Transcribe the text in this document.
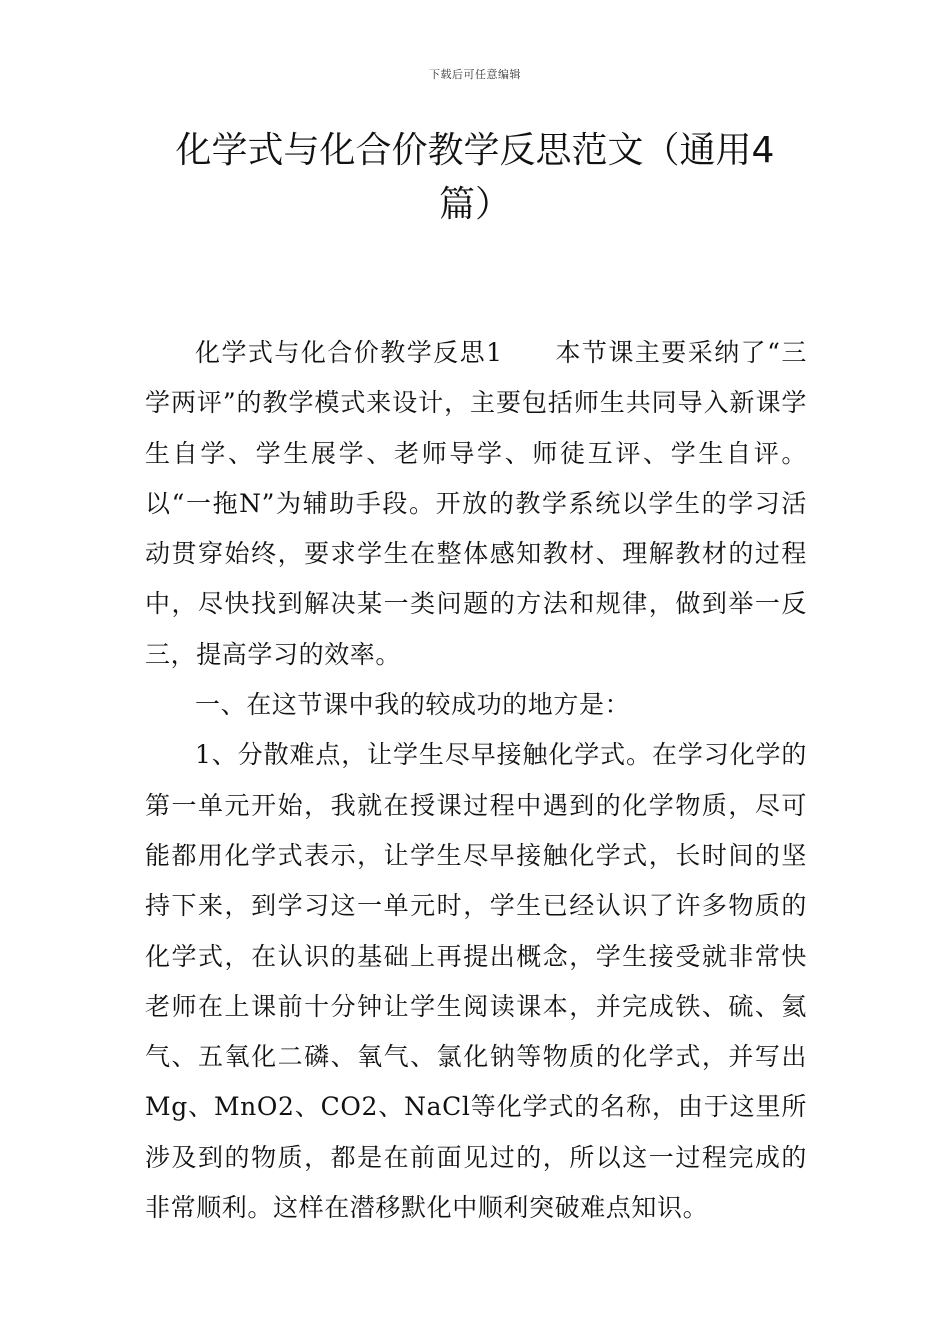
下载后可任意编辑
化学式与化合价教学反思范文（通用4篇）

化学式与化合价教学反思1 本节课主要采纳了“三学两评”的教学模式来设计，主要包括师生共同导入新课学生自学、学生展学、老师导学、师徒互评、学生自评。以“一拖N”为辅助手段。开放的教学系统以学生的学习活动贯穿始终，要求学生在整体感知教材、理解教材的过程中，尽快找到解决某一类问题的方法和规律，做到举一反三，提高学习的效率。

一、在这节课中我的较成功的地方是：

1、分散难点，让学生尽早接触化学式。在学习化学的第一单元开始，我就在授课过程中遇到的化学物质，尽可能都用化学式表示，让学生尽早接触化学式，长时间的坚持下来，到学习这一单元时，学生已经认识了许多物质的化学式，在认识的基础上再提出概念，学生接受就非常快老师在上课前十分钟让学生阅读课本，并完成铁、硫、氦气、五氧化二磷、氧气、氯化钠等物质的化学式，并写出Mg、MnO2、CO2、NaCl等化学式的名称，由于这里所涉及到的物质，都是在前面见过的，所以这一过程完成的非常顺利。这样在潜移默化中顺利突破难点知识。
